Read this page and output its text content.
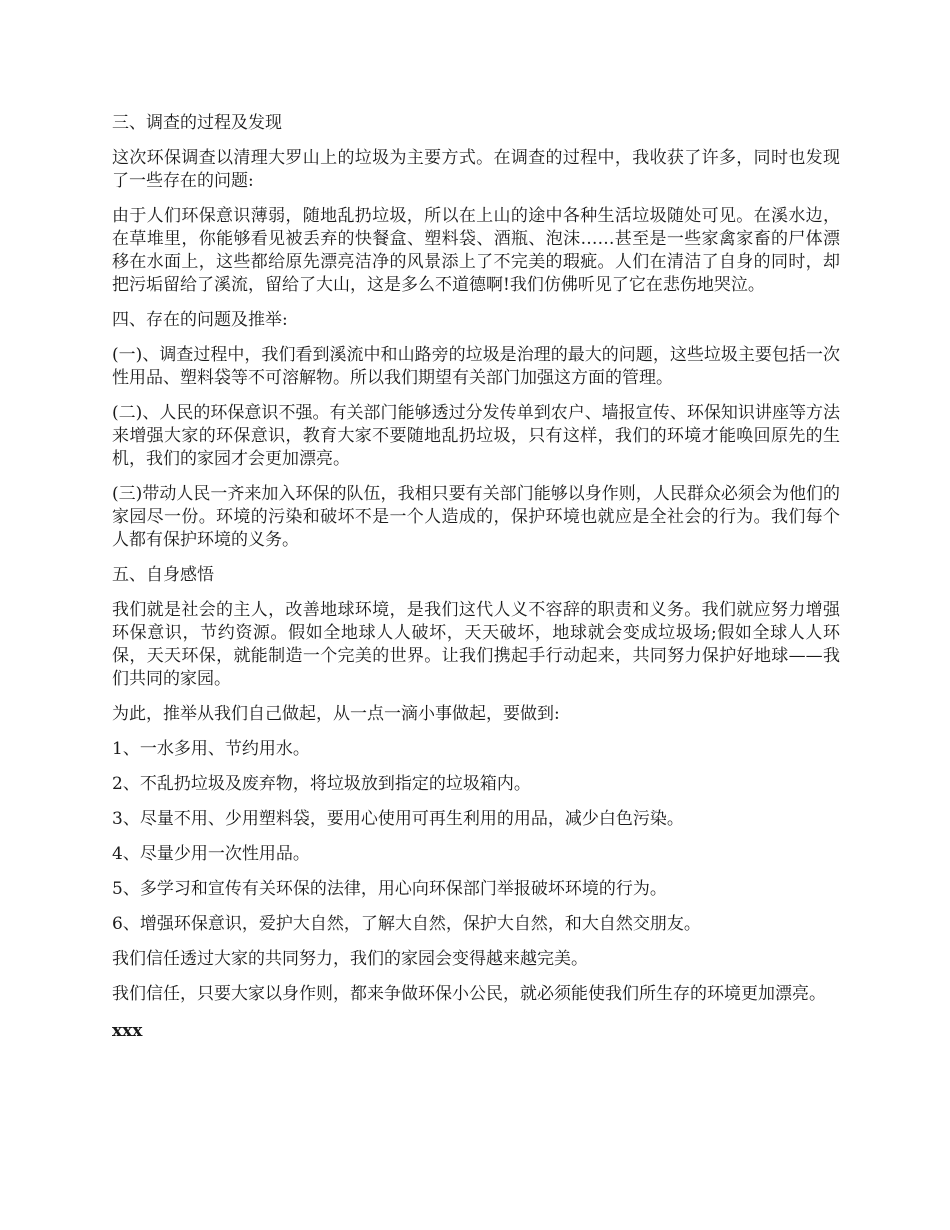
三、调查的过程及发现

这次环保调查以清理大罗山上的垃圾为主要方式。在调查的过程中，我收获了许多，同时也发现了一些存在的问题:

由于人们环保意识薄弱，随地乱扔垃圾，所以在上山的途中各种生活垃圾随处可见。在溪水边，在草堆里，你能够看见被丢弃的快餐盒、塑料袋、酒瓶、泡沫……甚至是一些家禽家畜的尸体漂移在水面上，这些都给原先漂亮洁净的风景添上了不完美的瑕疵。人们在清洁了自身的同时，却把污垢留给了溪流，留给了大山，这是多么不道德啊!我们仿佛听见了它在悲伤地哭泣。

四、存在的问题及推举:

(一)、调查过程中，我们看到溪流中和山路旁的垃圾是治理的最大的问题，这些垃圾主要包括一次性用品、塑料袋等不可溶解物。所以我们期望有关部门加强这方面的管理。

(二)、人民的环保意识不强。有关部门能够透过分发传单到农户、墙报宣传、环保知识讲座等方法来增强大家的环保意识，教育大家不要随地乱扔垃圾，只有这样，我们的环境才能唤回原先的生机，我们的家园才会更加漂亮。

(三)带动人民一齐来加入环保的队伍，我相只要有关部门能够以身作则，人民群众必须会为他们的家园尽一份。环境的污染和破坏不是一个人造成的，保护环境也就应是全社会的行为。我们每个人都有保护环境的义务。

五、自身感悟

我们就是社会的主人，改善地球环境，是我们这代人义不容辞的职责和义务。我们就应努力增强环保意识，节约资源。假如全地球人人破坏，天天破坏，地球就会变成垃圾场;假如全球人人环保，天天环保，就能制造一个完美的世界。让我们携起手行动起来，共同努力保护好地球——我们共同的家园。

为此，推举从我们自己做起，从一点一滴小事做起，要做到:

1、一水多用、节约用水。

2、不乱扔垃圾及废弃物，将垃圾放到指定的垃圾箱内。

3、尽量不用、少用塑料袋，要用心使用可再生利用的用品，减少白色污染。

4、尽量少用一次性用品。

5、多学习和宣传有关环保的法律，用心向环保部门举报破坏环境的行为。

6、增强环保意识，爱护大自然，了解大自然，保护大自然，和大自然交朋友。

我们信任透过大家的共同努力，我们的家园会变得越来越完美。

我们信任，只要大家以身作则，都来争做环保小公民，就必须能使我们所生存的环境更加漂亮。

xxx
